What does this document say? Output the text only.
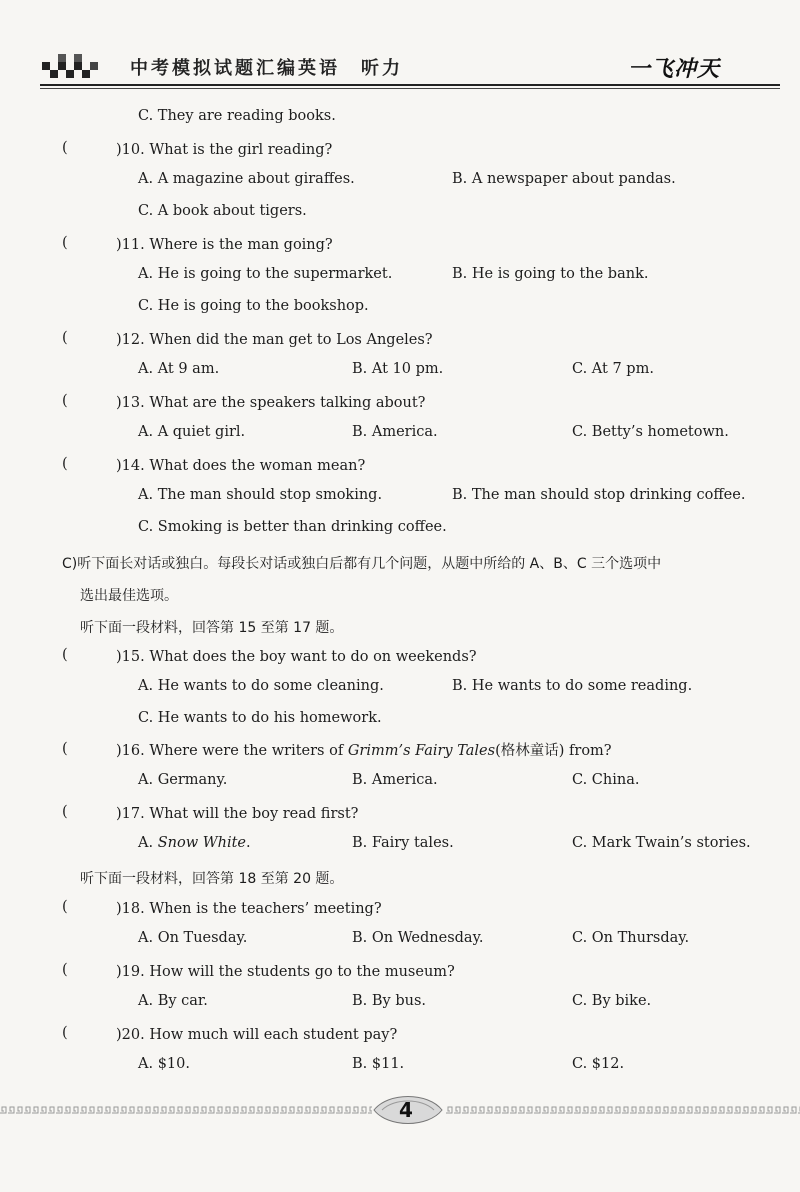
中考模拟试题汇编英语　听力	一飞冲天
C. They are reading books.
(	)10. What is the girl reading?
A. A magazine about giraffes.	B. A newspaper about pandas.
C. A book about tigers.
(	)11. Where is the man going?
A. He is going to the supermarket.	B. He is going to the bank.
C. He is going to the bookshop.
(	)12. When did the man get to Los Angeles?
A. At 9 am.	B. At 10 pm.	C. At 7 pm.
(	)13. What are the speakers talking about?
A. A quiet girl.	B. America.	C. Betty’s hometown.
(	)14. What does the woman mean?
A. The man should stop smoking.	B. The man should stop drinking coffee.
C. Smoking is better than drinking coffee.
C)听下面长对话或独白。每段长对话或独白后都有几个问题，从题中所给的 A、B、C 三个选项中
选出最佳选项。
听下面一段材料，回答第 15 至第 17 题。
(	)15. What does the boy want to do on weekends?
A. He wants to do some cleaning.	B. He wants to do some reading.
C. He wants to do his homework.
(	)16. Where were the writers of Grimm’s Fairy Tales(格林童话) from?
A. Germany.	B. America.	C. China.
(	)17. What will the boy read first?
A. Snow White.	B. Fairy tales.	C. Mark Twain’s stories.
听下面一段材料，回答第 18 至第 20 题。
(	)18. When is the teachers’ meeting?
A. On Tuesday.	B. On Wednesday.	C. On Thursday.
(	)19. How will the students go to the museum?
A. By car.	B. By bus.	C. By bike.
(	)20. How much will each student pay?
A. $10.	B. $11.	C. $12.
4
